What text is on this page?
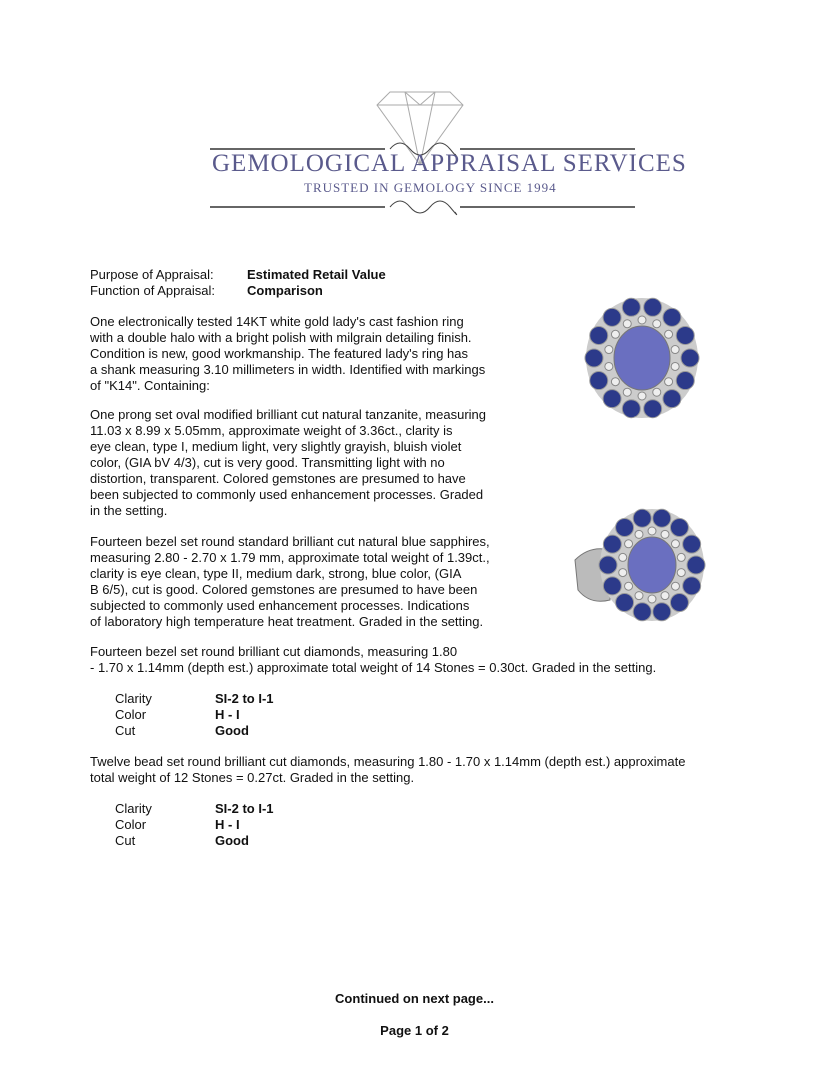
GEMOLOGICAL APPRAISAL SERVICES
TRUSTED IN GEMOLOGY SINCE 1994
Purpose of Appraisal:	Estimated Retail Value
Function of Appraisal: Comparison
One electronically tested 14KT white gold lady's cast fashion ring
with a double halo with a bright polish with milgrain detailing finish.
Condition is new, good workmanship. The featured lady's ring has
a shank measuring 3.10 millimeters in width. Identified with markings
of "K14". Containing:
One prong set oval modified brilliant cut natural tanzanite, measuring
11.03 x 8.99 x 5.05mm, approximate weight of 3.36ct., clarity is
eye clean, type I, medium light, very slightly grayish, bluish violet
color, (GIA bV 4/3), cut is very good. Transmitting light with no
distortion, transparent. Colored gemstones are presumed to have
been subjected to commonly used enhancement processes. Graded
in the setting.
Fourteen bezel set round standard brilliant cut natural blue sapphires,
measuring 2.80 - 2.70 x 1.79 mm, approximate total weight of 1.39ct.,
clarity is eye clean, type II, medium dark, strong, blue color, (GIA
B 6/5), cut is good. Colored gemstones are presumed to have been
subjected to commonly used enhancement processes. Indications
of laboratory high temperature heat treatment. Graded in the setting.
Fourteen bezel set round brilliant cut diamonds, measuring 1.80
- 1.70 x 1.14mm (depth est.) approximate total weight of 14 Stones = 0.30ct. Graded in the setting.
Clarity	SI-2 to I-1
Color	H - I
Cut	Good
Twelve bead set round brilliant cut diamonds, measuring 1.80 - 1.70 x 1.14mm (depth est.) approximate
total weight of 12 Stones = 0.27ct. Graded in the setting.
Clarity	SI-2 to I-1
Color	H - I
Cut	Good
Continued on next page...
Page 1 of 2
